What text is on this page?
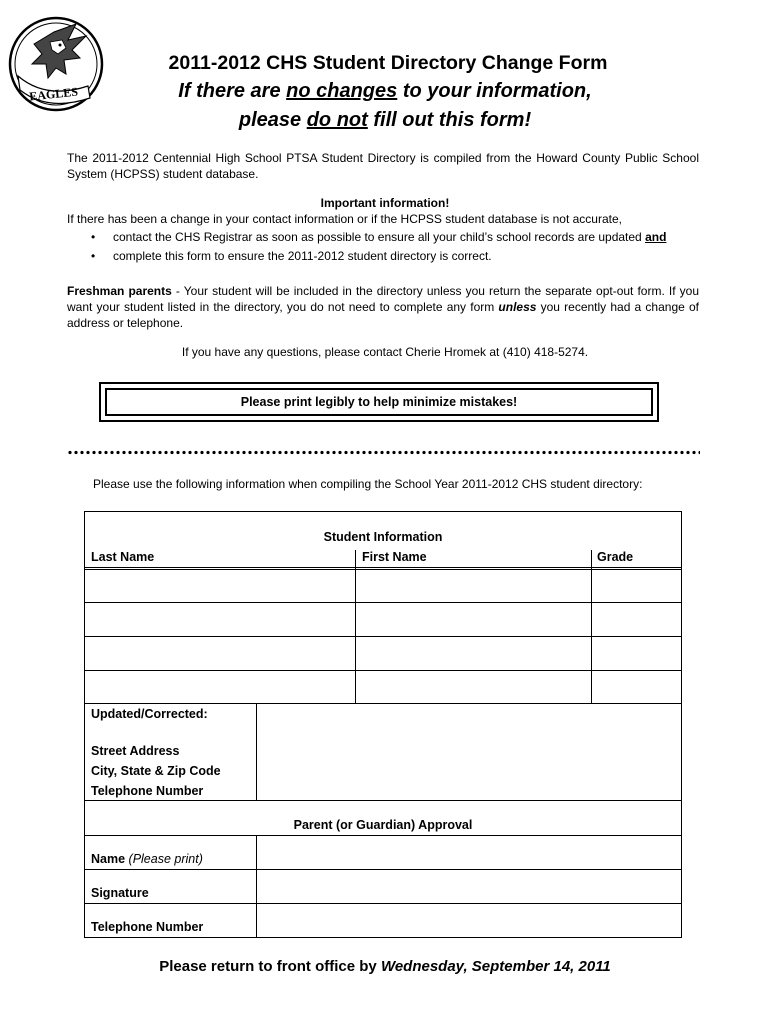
EAGLES
2011-2012 CHS Student Directory Change Form
If there are no changes to your information,
please do not fill out this form!
The 2011-2012 Centennial High School PTSA Student Directory is compiled from the Howard County Public School System (HCPSS) student database.
Important information!
If there has been a change in your contact information or if the HCPSS student database is not accurate,
• contact the CHS Registrar as soon as possible to ensure all your child’s school records are updated and
• complete this form to ensure the 2011-2012 student directory is correct.
Freshman parents - Your student will be included in the directory unless you return the separate opt-out form. If you want your student listed in the directory, you do not need to complete any form unless you recently had a change of address or telephone.
If you have any questions, please contact Cherie Hromek at (410) 418-5274.
Please print legibly to help minimize mistakes!
Please use the following information when compiling the School Year 2011-2012 CHS student directory:
Student Information
Last Name	First Name	Grade
Updated/Corrected:
Street Address
City, State & Zip Code
Telephone Number
Parent (or Guardian) Approval
Name (Please print)
Signature
Telephone Number
Please return to front office by Wednesday, September 14, 2011
